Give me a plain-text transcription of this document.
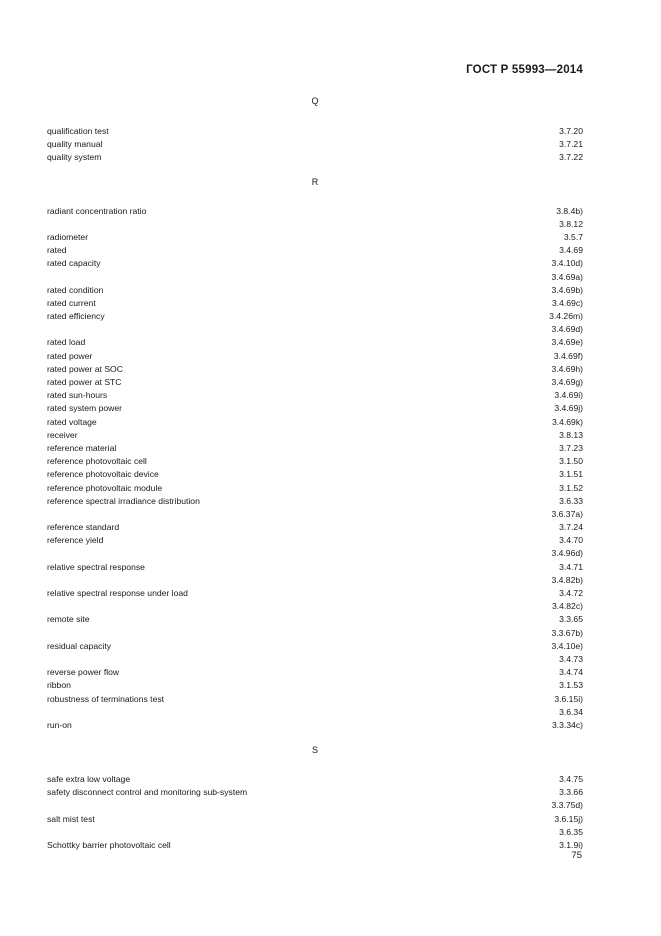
ГОСТ Р 55993—2014
Q
qualification test	3.7.20
quality manual	3.7.21
quality system	3.7.22
R
radiant concentration ratio	3.8.4b)
3.8.12
radiometer	3.5.7
rated	3.4.69
rated capacity	3.4.10d)
3.4.69a)
rated condition	3.4.69b)
rated current	3.4.69c)
rated efficiency	3.4.26m)
3.4.69d)
rated load	3.4.69e)
rated power	3.4.69f)
rated power at SOC	3.4.69h)
rated power at STC	3.4.69g)
rated sun-hours	3.4.69i)
rated system power	3.4.69j)
rated voltage	3.4.69k)
receiver	3.8.13
reference material	3.7.23
reference photovoltaic cell	3.1.50
reference photovoltaic device	3.1.51
reference photovoltaic module	3.1.52
reference spectral irradiance distribution	3.6.33
3.6.37a)
reference standard	3.7.24
reference yield	3.4.70
3.4.96d)
relative spectral response	3.4.71
3.4.82b)
relative spectral response under load	3.4.72
3.4.82c)
remote site	3.3.65
3.3.67b)
residual capacity	3.4.10e)
3.4.73
reverse power flow	3.4.74
ribbon	3.1.53
robustness of terminations test	3.6.15i)
3.6.34
run-on	3.3.34c)
S
safe extra low voltage	3.4.75
safety disconnect control and monitoring sub-system	3.3.66
3.3.75d)
salt mist test	3.6.15j)
3.6.35
Schottky barrier photovoltaic cell	3.1.9i)
75
